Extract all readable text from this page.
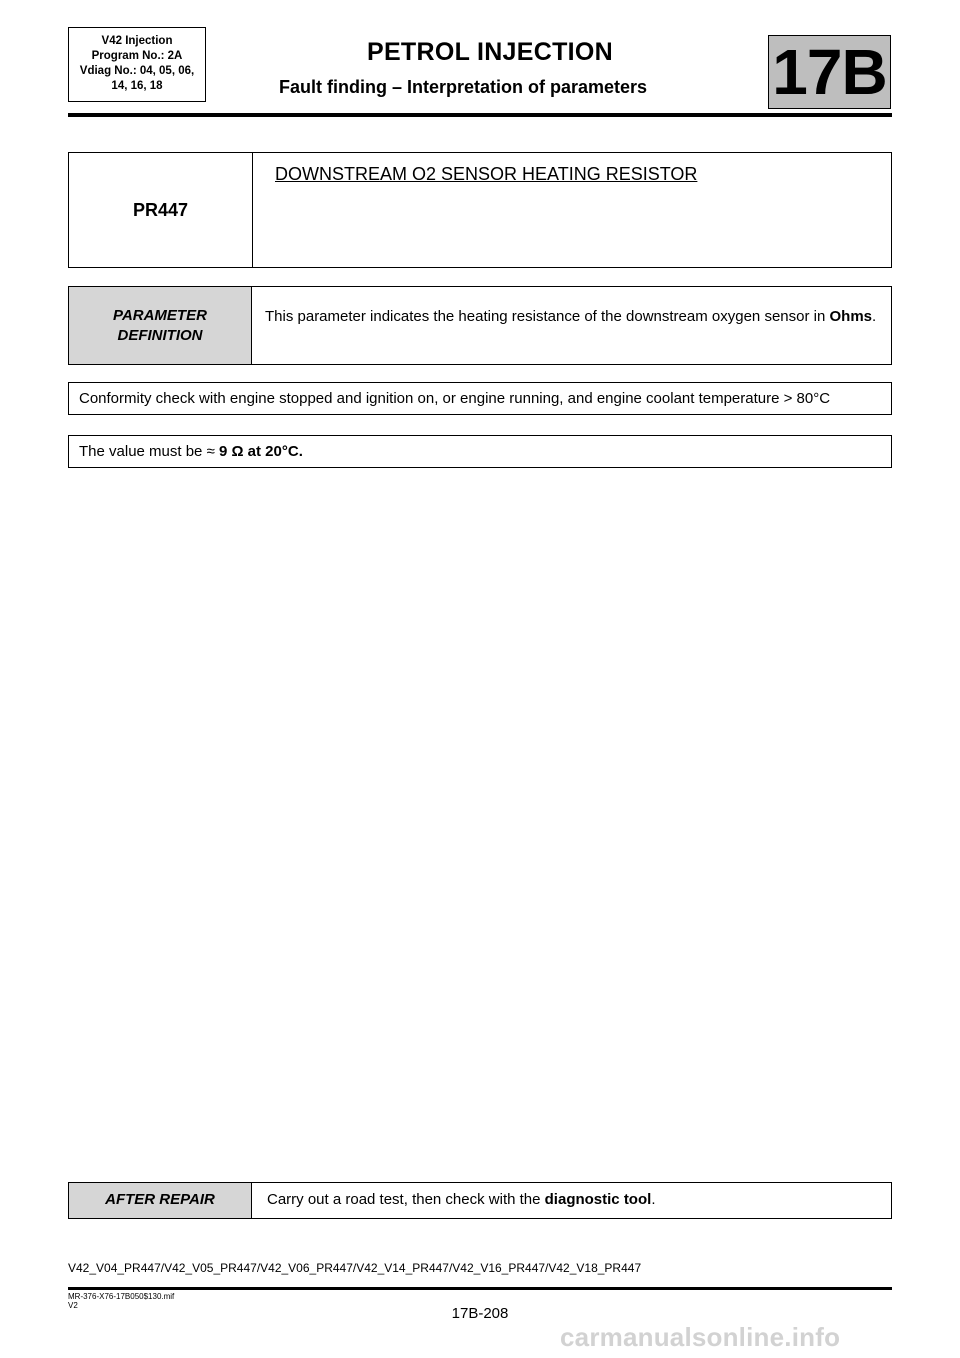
V42 Injection
Program No.: 2A
Vdiag No.: 04, 05, 06,
14, 16, 18
PETROL INJECTION
Fault finding – Interpretation of parameters	17B
PR447
DOWNSTREAM O2 SENSOR HEATING RESISTOR
PARAMETER
DEFINITION
This parameter indicates the heating resistance of the downstream oxygen sensor in Ohms.
Conformity check with engine stopped and ignition on, or engine running, and engine coolant temperature > 80°C
The value must be ≈ 9 Ω at 20°C.
AFTER REPAIR	Carry out a road test, then check with the diagnostic tool.
V42_V04_PR447/V42_V05_PR447/V42_V06_PR447/V42_V14_PR447/V42_V16_PR447/V42_V18_PR447
MR-376-X76-17B050$130.mif
V2	17B-208
carmanualsonline.info
